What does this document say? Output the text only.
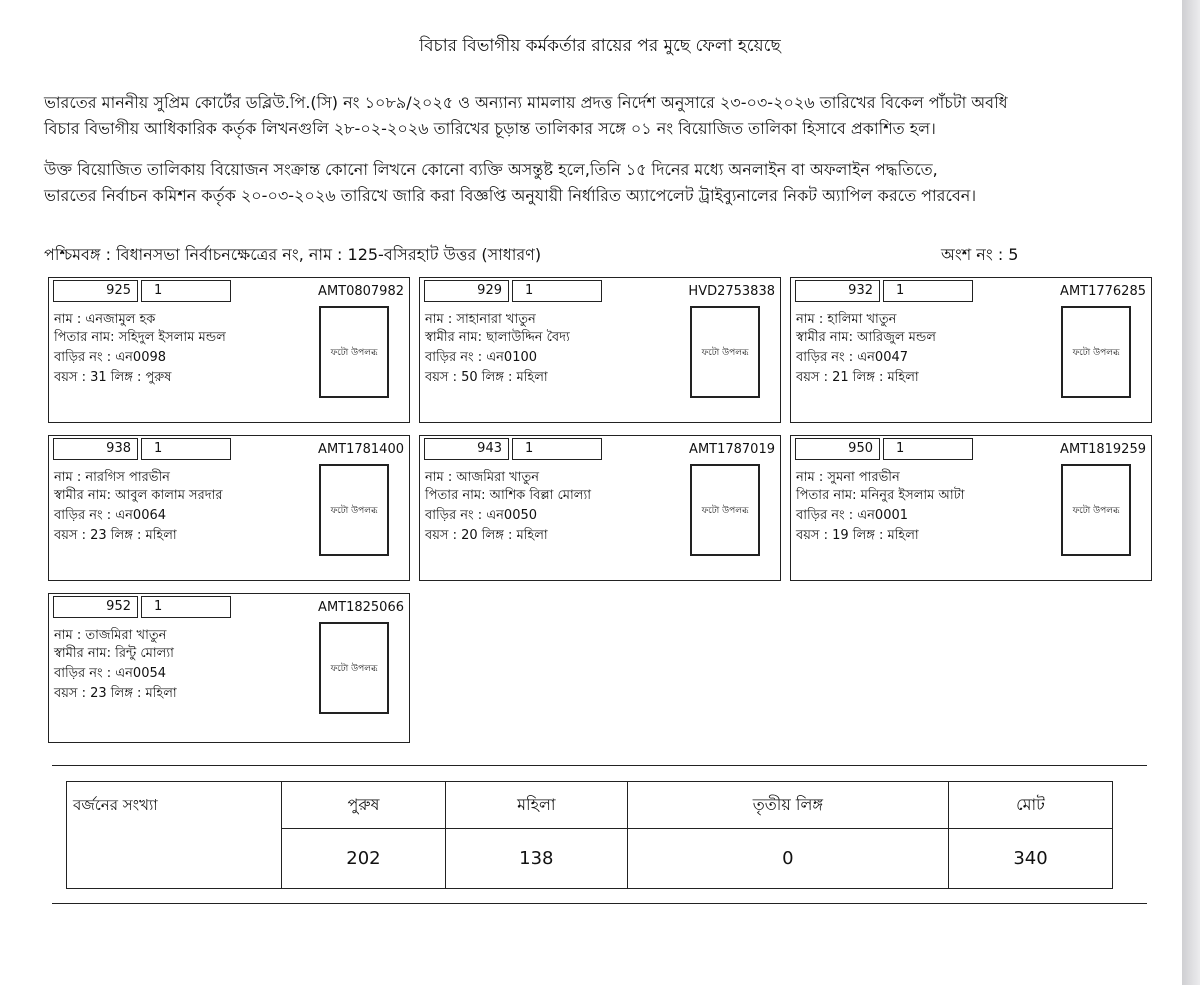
বিচার বিভাগীয় কর্মকর্তার রায়ের পর মুছে ফেলা হয়েছে
ভারতের মাননীয় সুপ্রিম কোর্টের ডব্লিউ.পি.(সি) নং ১০৮৯/২০২৫ ও অন্যান্য মামলায় প্রদত্ত নির্দেশ অনুসারে ২৩-০৩-২০২৬ তারিখের বিকেল পাঁচটা অবধি
বিচার বিভাগীয় আধিকারিক কর্তৃক লিখনগুলি ২৮-০২-২০২৬ তারিখের চূড়ান্ত তালিকার সঙ্গে ০১ নং বিয়োজিত তালিকা হিসাবে প্রকাশিত হল।
উক্ত বিয়োজিত তালিকায় বিয়োজন সংক্রান্ত কোনো লিখনে কোনো ব্যক্তি অসন্তুষ্ট হলে,তিনি ১৫ দিনের মধ্যে অনলাইন বা অফলাইন পদ্ধতিতে,
ভারতের নির্বাচন কমিশন কর্তৃক ২০-০৩-২০২৬ তারিখে জারি করা বিজ্ঞপ্তি অনুযায়ী নির্ধারিত অ্যাপেলেট ট্রাইব্যুনালের নিকট অ্যাপিল করতে পারবেন।
পশ্চিমবঙ্গ : বিধানসভা নির্বাচনক্ষেত্রের নং, নাম : 125-বসিরহাট উত্তর (সাধারণ)	অংশ নং : 5
925	1	AMT0807982
নাম : এনজামুল হক
পিতার নাম: সহিদুল ইসলাম মন্ডল
বাড়ির নং : এন0098
বয়স : 31 লিঙ্গ : পুরুষ
ফটো উপলব্ধ
929	1	HVD2753838
নাম : সাহানারা খাতুন
স্বামীর নাম: ছালাউদ্দিন বৈদ্য
বাড়ির নং : এন0100
বয়স : 50 লিঙ্গ : মহিলা
ফটো উপলব্ধ
932	1	AMT1776285
নাম : হালিমা খাতুন
স্বামীর নাম: আরিজুল মন্ডল
বাড়ির নং : এন0047
বয়স : 21 লিঙ্গ : মহিলা
ফটো উপলব্ধ
938	1	AMT1781400
নাম : নারগিস পারভীন
স্বামীর নাম: আবুল কালাম সরদার
বাড়ির নং : এন0064
বয়স : 23 লিঙ্গ : মহিলা
ফটো উপলব্ধ
943	1	AMT1787019
নাম : আজমিরা খাতুন
পিতার নাম: আশিক বিল্লা মোল্যা
বাড়ির নং : এন0050
বয়স : 20 লিঙ্গ : মহিলা
ফটো উপলব্ধ
950	1	AMT1819259
নাম : সুমনা পারভীন
পিতার নাম: মনিনুর ইসলাম আটা
বাড়ির নং : এন0001
বয়স : 19 লিঙ্গ : মহিলা
ফটো উপলব্ধ
952	1	AMT1825066
নাম : তাজমিরা খাতুন
স্বামীর নাম: রিন্টু মোল্যা
বাড়ির নং : এন0054
বয়স : 23 লিঙ্গ : মহিলা
ফটো উপলব্ধ
বর্জনের সংখ্যা	পুরুষ	মহিলা	তৃতীয় লিঙ্গ	মোট
	202	138	0	340
